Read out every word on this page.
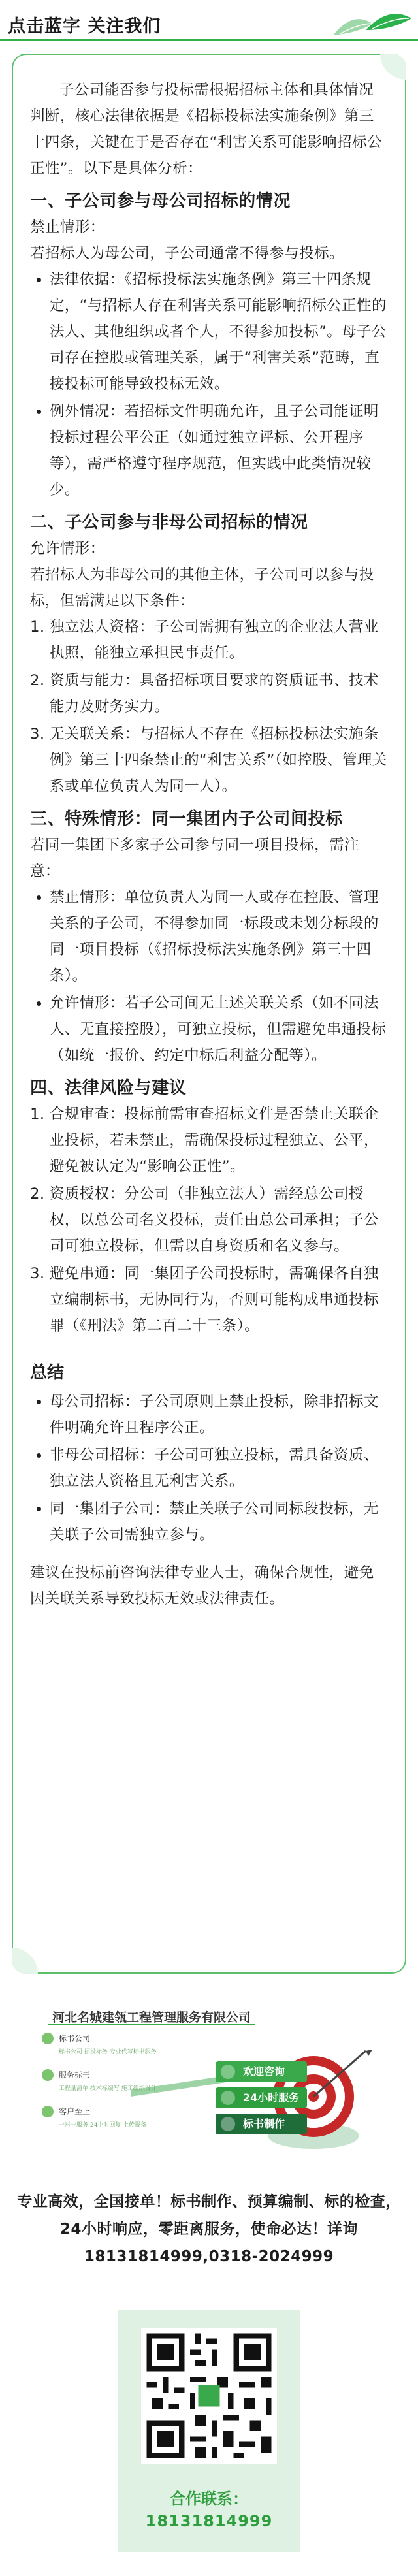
点击蓝字 关注我们

子公司能否参与投标需根据招标主体和具体情况判断，核心法律依据是《招标投标法实施条例》第三十四条，关键在于是否存在“利害关系可能影响招标公正性”。以下是具体分析：

一、子公司参与母公司招标的情况

禁止情形：

若招标人为母公司，子公司通常不得参与投标。

• 法律依据：《招标投标法实施条例》第三十四条规定，“与招标人存在利害关系可能影响招标公正性的法人、其他组织或者个人，不得参加投标”。母子公司存在控股或管理关系，属于“利害关系”范畴，直接投标可能导致投标无效。
• 例外情况：若招标文件明确允许，且子公司能证明投标过程公平公正（如通过独立评标、公开程序等），需严格遵守程序规范，但实践中此类情况较少。
二、子公司参与非母公司招标的情况

允许情形：

若招标人为非母公司的其他主体，子公司可以参与投标，但需满足以下条件：

1. 独立法人资格：子公司需拥有独立的企业法人营业执照，能独立承担民事责任。
2. 资质与能力：具备招标项目要求的资质证书、技术能力及财务实力。
3. 无关联关系：与招标人不存在《招标投标法实施条例》第三十四条禁止的“利害关系”（如控股、管理关系或单位负责人为同一人）。
三、特殊情形：同一集团内子公司间投标

若同一集团下多家子公司参与同一项目投标，需注意：

• 禁止情形：单位负责人为同一人或存在控股、管理关系的子公司，不得参加同一标段或未划分标段的同一项目投标（《招标投标法实施条例》第三十四条）。
• 允许情形：若子公司间无上述关联关系（如不同法人、无直接控股），可独立投标，但需避免串通投标（如统一报价、约定中标后利益分配等）。
四、法律风险与建议
1. 合规审查：投标前需审查招标文件是否禁止关联企业投标，若未禁止，需确保投标过程独立、公平，避免被认定为“影响公正性”。
2. 资质授权：分公司（非独立法人）需经总公司授权，以总公司名义投标，责任由总公司承担；子公司可独立投标，但需以自身资质和名义参与。
3. 避免串通：同一集团子公司投标时，需确保各自独立编制标书，无协同行为，否则可能构成串通投标罪（《刑法》第二百二十三条）。
总结
• 母公司招标：子公司原则上禁止投标，除非招标文件明确允许且程序公正。
• 非母公司招标：子公司可独立投标，需具备资质、独立法人资格且无利害关系。
• 同一集团子公司：禁止关联子公司同标段投标，无关联子公司需独立参与。

建议在投标前咨询法律专业人士，确保合规性，避免因关联关系导致投标无效或法律责任。

河北名城建瓴工程管理服务有限公司
标书公司
标书公司 招投标务 专业代写标书服务
服务标书
工程量清单 技术标编写 施工组织设计
客户至上
一对一服务 24小时回复 上传报备
欢迎咨询
24小时服务
标书制作
专业高效，全国接单！标书制作、预算编制、标的检查，24小时响应，零距离服务，使命必达！详询18131814999,0318-2024999
合作联系：
18131814999
